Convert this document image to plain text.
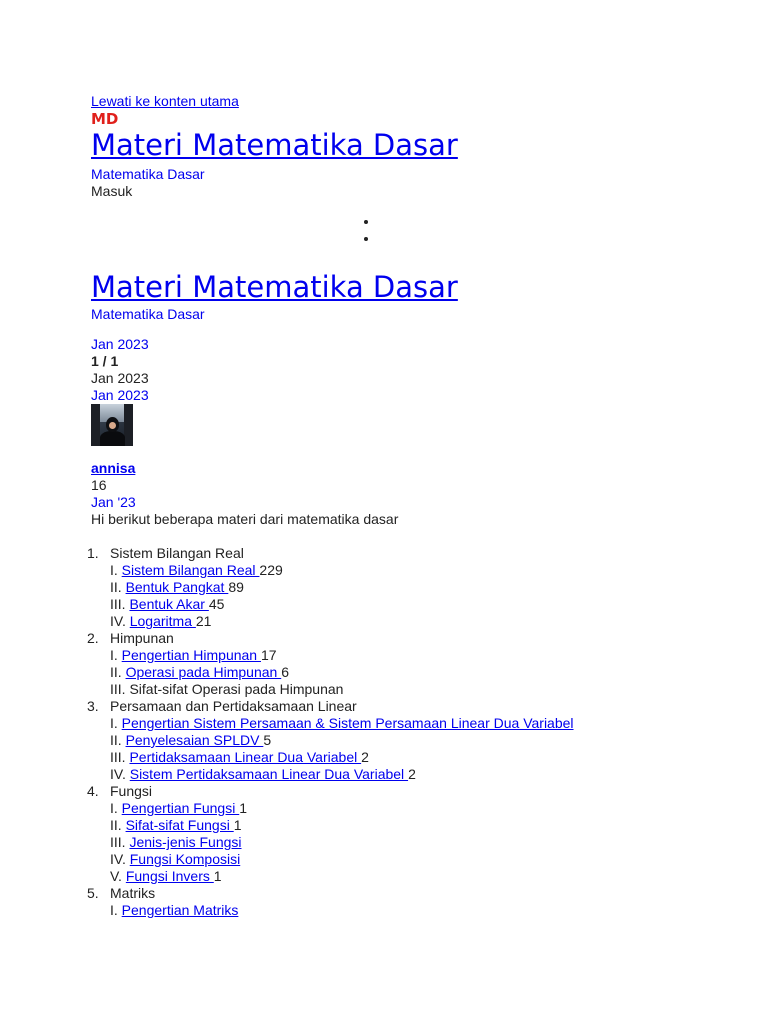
Lewati ke konten utama
MD
Materi Matematika Dasar
Matematika Dasar
Masuk
Materi Matematika Dasar
Matematika Dasar
Jan 2023
1 / 1
Jan 2023
Jan 2023
annisa
16
Jan '23
Hi berikut beberapa materi dari matematika dasar
1. Sistem Bilangan Real
I. Sistem Bilangan Real 229
II. Bentuk Pangkat 89
III. Bentuk Akar 45
IV. Logaritma 21
2. Himpunan
I. Pengertian Himpunan 17
II. Operasi pada Himpunan 6
III. Sifat-sifat Operasi pada Himpunan
3. Persamaan dan Pertidaksamaan Linear
I. Pengertian Sistem Persamaan & Sistem Persamaan Linear Dua Variabel
II. Penyelesaian SPLDV 5
III. Pertidaksamaan Linear Dua Variabel 2
IV. Sistem Pertidaksamaan Linear Dua Variabel 2
4. Fungsi
I. Pengertian Fungsi 1
II. Sifat-sifat Fungsi 1
III. Jenis-jenis Fungsi
IV. Fungsi Komposisi
V. Fungsi Invers 1
5. Matriks
I. Pengertian Matriks
